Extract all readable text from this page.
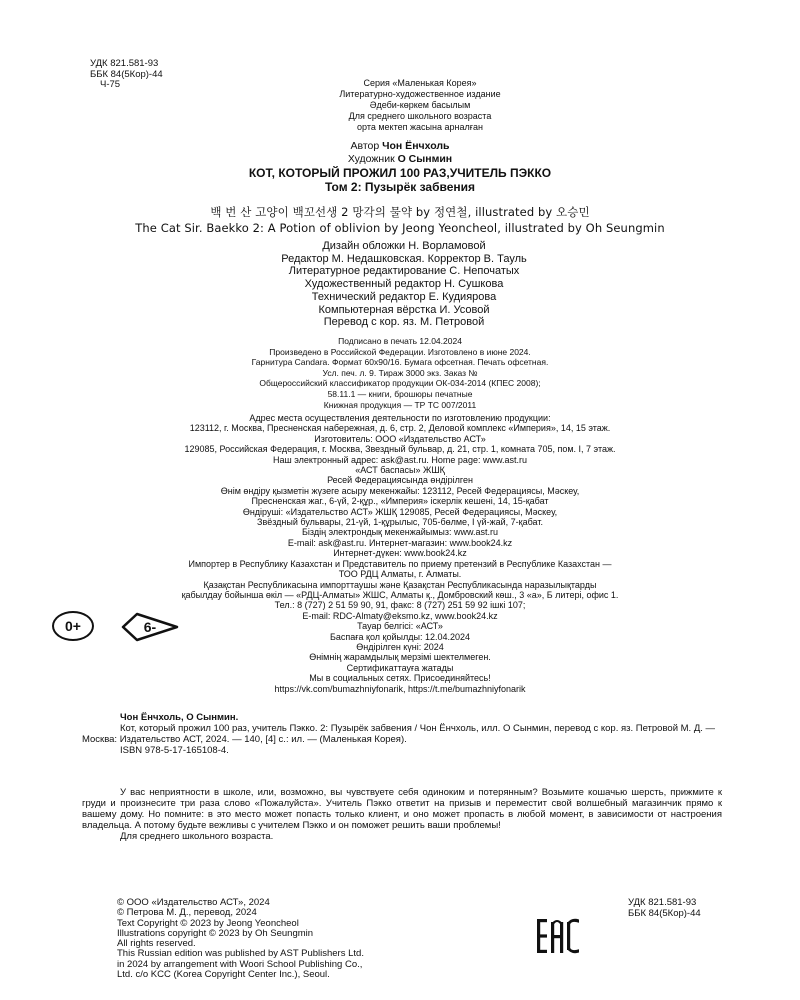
УДК 821.581-93
ББК 84(5Кор)-44
Ч-75	Серия «Маленькая Корея»
Литературно-художественное издание
Әдеби-көркем басылым
Для среднего школьного возраста
орта мектеп жасына арналған
Автор Чон Ёнчхоль
Художник О Сынмин
КОТ, КОТОРЫЙ ПРОЖИЛ 100 РАЗ,УЧИТЕЛЬ ПЭККО
Том 2: Пузырёк забвения
백 번 산 고양이 백꼬선생 2 망각의 물약 by 정연철, illustrated by 오승민
The Cat Sir. Baekko 2: A Potion of oblivion by Jeong Yeoncheol, illustrated by Oh Seungmin
Дизайн обложки Н. Ворламовой
Редактор М. Недашковская. Корректор В. Тауль
Литературное редактирование С. Непочатых
Художественный редактор Н. Сушкова
Технический редактор Е. Кудиярова
Компьютерная вёрстка И. Усовой
Перевод с кор. яз. М. Петровой
Подписано в печать 12.04.2024
Произведено в Российской Федерации. Изготовлено в июне 2024.
Гарнитура Candara. Формат 60x90/16. Бумага офсетная. Печать офсетная.
Усл. печ. л. 9. Тираж 3000 экз. Заказ №
Общероссийский классификатор продукции ОК-034-2014 (КПЕС 2008);
58.11.1 — книги, брошюры печатные
Книжная продукция — ТР ТС 007/2011
Адрес места осуществления деятельности по изготовлению продукции:
123112, г. Москва, Пресненская набережная, д. 6, стр. 2, Деловой комплекс «Империя», 14, 15 этаж.
Изготовитель: ООО «Издательство АСТ»
129085, Российская Федерация, г. Москва, Звездный бульвар, д. 21, стр. 1, комната 705, пом. I, 7 этаж.
Наш электронный адрес: ask@ast.ru. Home page: www.ast.ru
«АСТ баспасы» ЖШҚ
Ресей Федерациясында өндірілген
Өнім өндіру қызметін жүзеге асыру мекенжайы: 123112, Ресей Федерациясы, Мәскеу,
Пресненская жаг., 6-үй, 2-құр., «Империя» іскерлік кешені, 14, 15-қабат
Өндіруші: «Издательство АСТ» ЖШҚ 129085, Ресей Федерациясы, Мәскеу,
Звёздный бульвары, 21-үй, 1-құрылыс, 705-бөлме, I үй-жай, 7-қабат.
Біздің электрондық мекенжайымыз: www.ast.ru
E-mail: ask@ast.ru. Интернет-магазин: www.book24.kz
Интернет-дүкен: www.book24.kz
Импортер в Республику Казахстан и Представитель по приему претензий в Республике Казахстан —
ТОО РДЦ Алматы, г. Алматы.
Қазақстан Республикасына импорттаушы және Қазақстан Республикасында наразылықтарды
қабылдау бойынша өкіл — «РДЦ-Алматы» ЖШС, Алматы қ., Домбровский көш., 3 «а», Б литері, офис 1.
Тел.: 8 (727) 2 51 59 90, 91, факс: 8 (727) 251 59 92 ішкі 107;
E-mail: RDC-Almaty@eksmo.kz, www.book24.kz
Тауар белгісі: «АСТ»
Баспаға қол қойылды: 12.04.2024
Өндірілген күні: 2024
Өнімнің жарамдылық мерзімі шектелмеген.
Сертификаттауға жатады
Мы в социальных сетях. Присоединяйтесь!
https://vk.com/bumazhniyfonarik, https://t.me/bumazhniyfonarik
0+	6-
Чон Ёнчхоль, О Сынмин.
Кот, который прожил 100 раз, учитель Пэкко. 2: Пузырёк забвения / Чон Ёнчхоль, илл. О Сынмин, перевод с кор. яз. Петровой М. Д. — Москва: Издательство АСТ, 2024. — 140, [4] с.: ил. — (Маленькая Корея).
ISBN 978-5-17-165108-4.
У вас неприятности в школе, или, возможно, вы чувствуете себя одиноким и потерянным? Возьмите кошачью шерсть, прижмите к груди и произнесите три раза слово «Пожалуйста». Учитель Пэкко ответит на призыв и переместит свой волшебный магазинчик прямо к вашему дому. Но помните: в это место может попасть только клиент, и оно может пропасть в любой момент, в зависимости от настроения владельца. А потому будьте вежливы с учителем Пэкко и он поможет решить ваши проблемы!
Для среднего школьного возраста.
© ООО «Издательство АСТ», 2024
© Петрова М. Д., перевод, 2024
Text Copyright © 2023 by Jeong Yeoncheol
Illustrations copyright © 2023 by Oh Seungmin
All rights reserved.
This Russian edition was published by AST Publishers Ltd.
in 2024 by arrangement with Woori School Publishing Co.,
Ltd. c/o KCC (Korea Copyright Center Inc.), Seoul.
УДК 821.581-93
ББК 84(5Кор)-44
